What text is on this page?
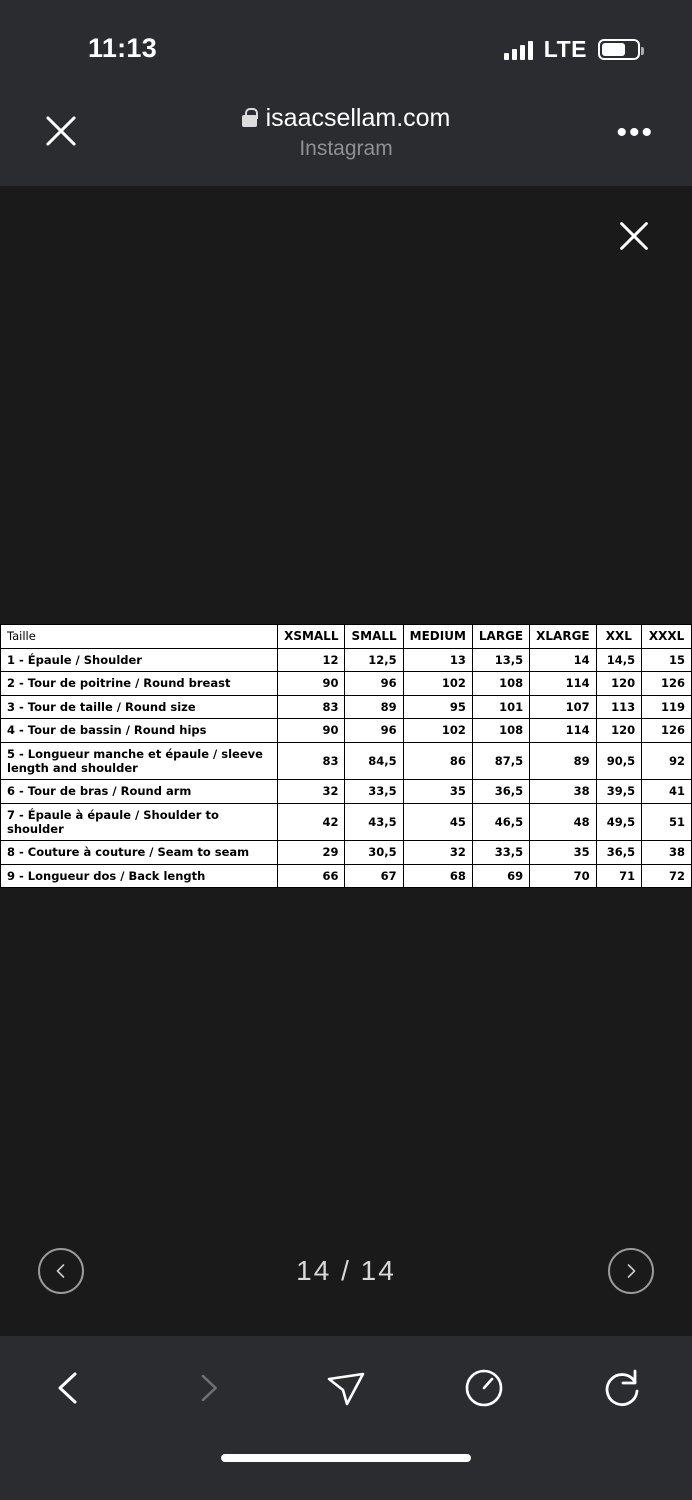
11:13	LTE
isaacsellam.com
Instagram	•••
Taille	XSMALL	SMALL	MEDIUM	LARGE	XLARGE	XXL	XXXL
1 - Épaule / Shoulder	12	12,5	13	13,5	14	14,5	15
2 - Tour de poitrine / Round breast	90	96	102	108	114	120	126
3 - Tour de taille / Round size	83	89	95	101	107	113	119
4 - Tour de bassin / Round hips	90	96	102	108	114	120	126
5 - Longueur manche et épaule / sleeve length and shoulder	83	84,5	86	87,5	89	90,5	92
6 - Tour de bras / Round arm	32	33,5	35	36,5	38	39,5	41
7 - Épaule à épaule / Shoulder to shoulder	42	43,5	45	46,5	48	49,5	51
8 - Couture à couture / Seam to seam	29	30,5	32	33,5	35	36,5	38
9 - Longueur dos / Back length	66	67	68	69	70	71	72
14 / 14
